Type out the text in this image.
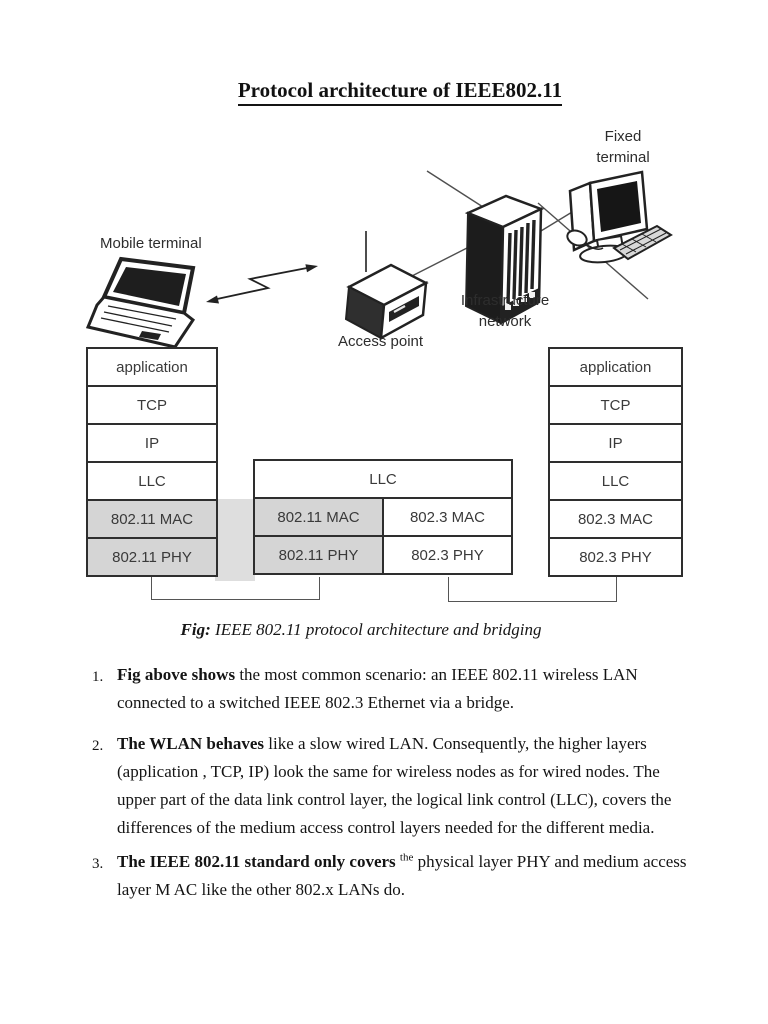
Protocol architecture of IEEE802.11
Mobile terminal
Access point
Infrastructure network
Fixed terminal
application
TCP
IP
LLC
802.11 MAC
802.11 PHY
LLC
802.11 MAC
802.11 PHY
802.3 MAC
802.3 PHY
application
TCP
IP
LLC
802.3 MAC
802.3 PHY
Fig: IEEE 802.11 protocol architecture and bridging
1. Fig above shows the most common scenario: an IEEE 802.11 wireless LAN connected to a switched IEEE 802.3 Ethernet via a bridge.
2. The WLAN behaves like a slow wired LAN. Consequently, the higher layers (application , TCP, IP) look the same for wireless nodes as for wired nodes. The upper part of the data link control layer, the logical link control (LLC), covers the differences of the medium access control layers needed for the different media.
3. The IEEE 802.11 standard only covers $^{the}$ physical layer PHY and medium access layer M AC like the other 802.x LANs do.
